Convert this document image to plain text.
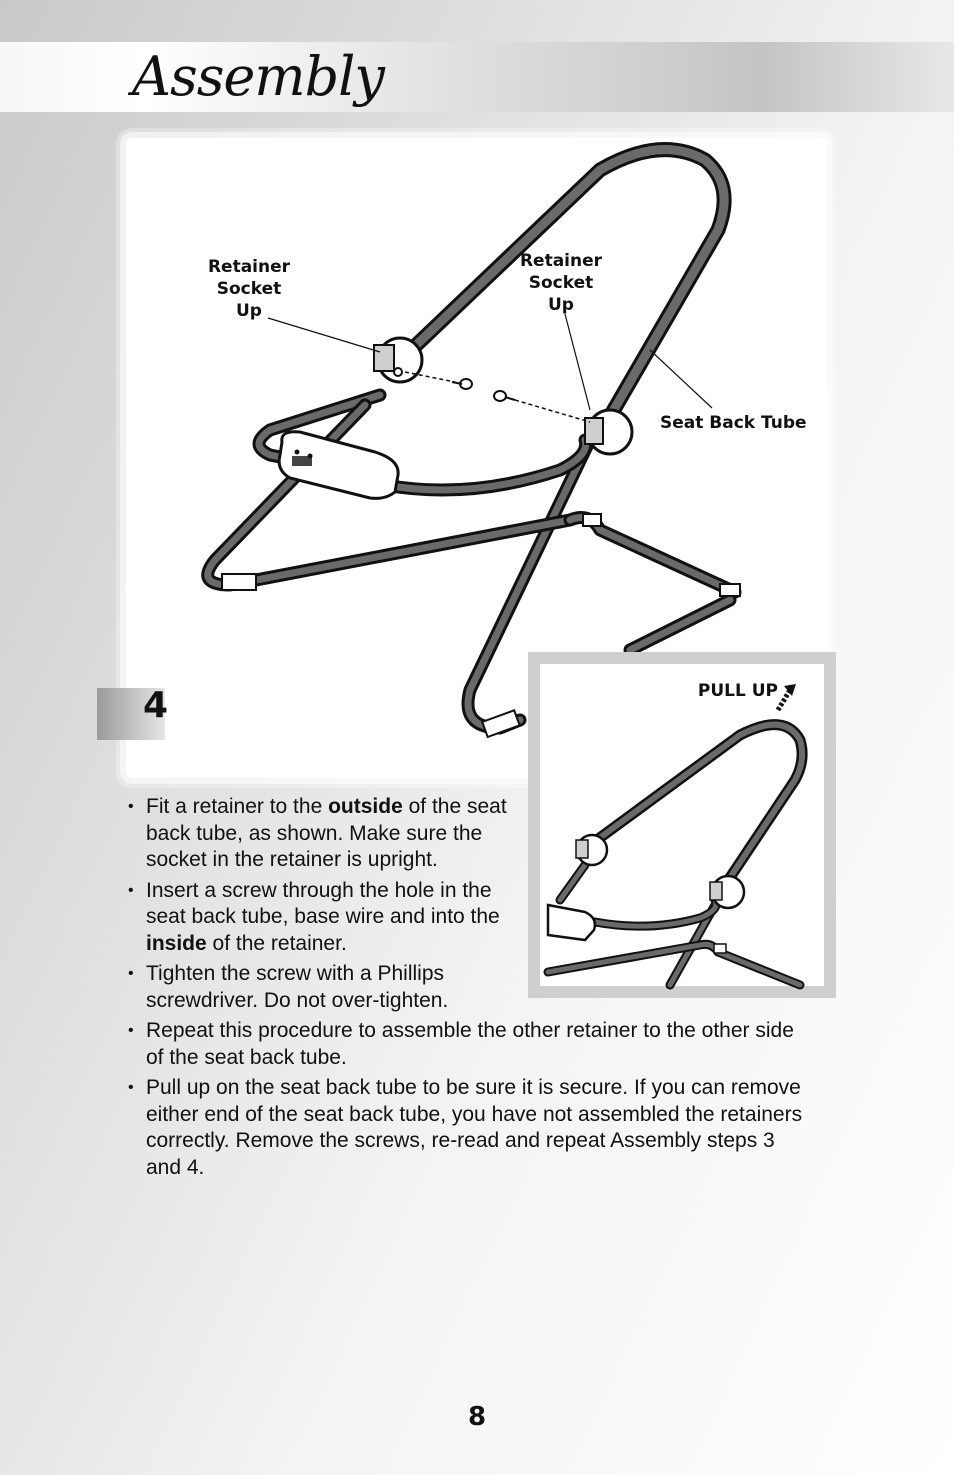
Assembly
4
Retainer
Socket
Up
Retainer
Socket
Up
Seat Back Tube
PULL UP
• Fit a retainer to the outside of the seat back tube, as shown. Make sure the socket in the retainer is upright.
• Insert a screw through the hole in the seat back tube, base wire and into the inside of the retainer.
• Tighten the screw with a Phillips screwdriver. Do not over-tighten.
• Repeat this procedure to assemble the other retainer to the other side of the seat back tube.
• Pull up on the seat back tube to be sure it is secure. If you can remove either end of the seat back tube, you have not assembled the retainers correctly. Remove the screws, re-read and repeat Assembly steps 3 and 4.
8
